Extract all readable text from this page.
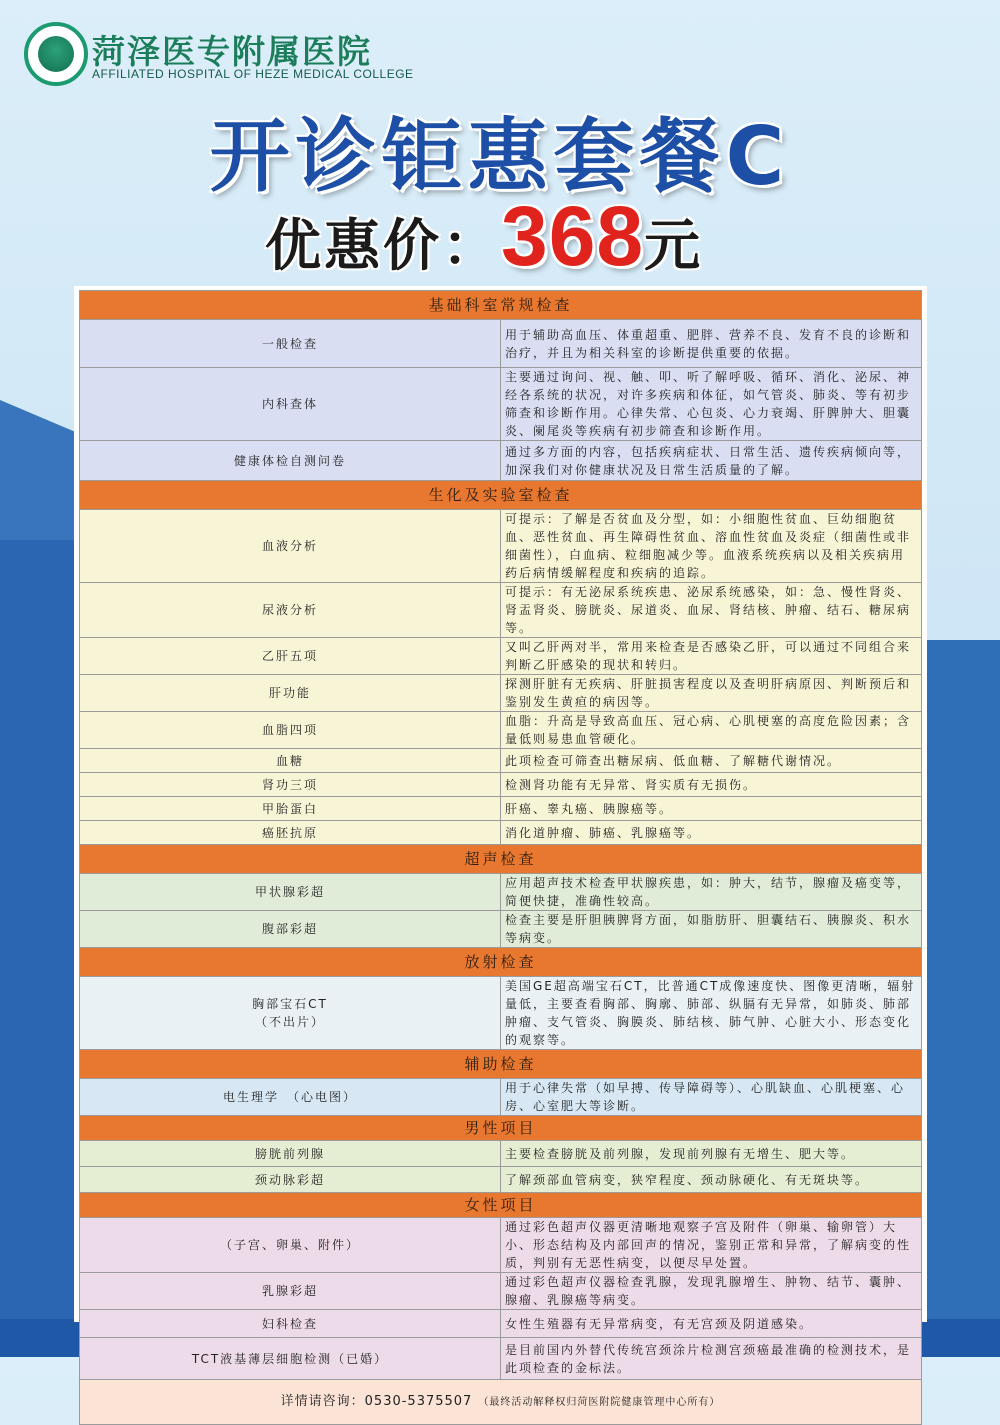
菏泽医专附属医院
AFFILIATED HOSPITAL OF HEZE MEDICAL COLLEGE
开诊钜惠套餐C
优惠价：368元
基础科室常规检查	
一般检查	用于辅助高血压、体重超重、肥胖、营养不良、发育不良的诊断和治疗，并且为相关科室的诊断提供重要的依据。
内科查体	主要通过询问、视、触、叩、听了解呼吸、循环、消化、泌尿、神经各系统的状况，对许多疾病和体征，如气管炎、肺炎、等有初步筛查和诊断作用。心律失常、心包炎、心力衰竭、肝脾肿大、胆囊炎、阑尾炎等疾病有初步筛查和诊断作用。
健康体检自测问卷	通过多方面的内容，包括疾病症状、日常生活、遗传疾病倾向等，加深我们对你健康状况及日常生活质量的了解。
生化及实验室检查	
血液分析	可提示：了解是否贫血及分型，如：小细胞性贫血、巨幼细胞贫血、恶性贫血、再生障碍性贫血、溶血性贫血及炎症（细菌性或非细菌性），白血病、粒细胞减少等。血液系统疾病以及相关疾病用药后病情缓解程度和疾病的追踪。
尿液分析	可提示：有无泌尿系统疾患、泌尿系统感染，如：急、慢性肾炎、肾盂肾炎、膀胱炎、尿道炎、血尿、肾结核、肿瘤、结石、糖尿病等。
乙肝五项	又叫乙肝两对半，常用来检查是否感染乙肝，可以通过不同组合来判断乙肝感染的现状和转归。
肝功能	探测肝脏有无疾病、肝脏损害程度以及查明肝病原因、判断预后和鉴别发生黄疸的病因等。
血脂四项	血脂：升高是导致高血压、冠心病、心肌梗塞的高度危险因素；含量低则易患血管硬化。
血糖	此项检查可筛查出糖尿病、低血糖、了解糖代谢情况。
肾功三项	检测肾功能有无异常、肾实质有无损伤。
甲胎蛋白	肝癌、睾丸癌、胰腺癌等。
癌胚抗原	消化道肿瘤、肺癌、乳腺癌等。
超声检查	
甲状腺彩超	应用超声技术检查甲状腺疾患，如：肿大，结节，腺瘤及癌变等，简便快捷，准确性较高。
腹部彩超	检查主要是肝胆胰脾肾方面，如脂肪肝、胆囊结石、胰腺炎、积水等病变。
放射检查	
胸部宝石CT
（不出片）	美国GE超高端宝石CT，比普通CT成像速度快、图像更清晰，辐射量低，主要查看胸部、胸廓、肺部、纵膈有无异常，如肺炎、肺部肿瘤、支气管炎、胸膜炎、肺结核、肺气肿、心脏大小、形态变化的观察等。
辅助检查	
电生理学　（心电图）	用于心律失常（如早搏、传导障碍等）、心肌缺血、心肌梗塞、心房、心室肥大等诊断。
男性项目	
膀胱前列腺	主要检查膀胱及前列腺，发现前列腺有无增生、肥大等。
颈动脉彩超	了解颈部血管病变，狭窄程度、颈动脉硬化、有无斑块等。
女性项目	
（子宫、卵巢、附件）	通过彩色超声仪器更清晰地观察子宫及附件（卵巢、输卵管）大小、形态结构及内部回声的情况，鉴别正常和异常，了解病变的性质，判别有无恶性病变，以便尽早处置。
乳腺彩超	通过彩色超声仪器检查乳腺，发现乳腺增生、肿物、结节、囊肿、腺瘤、乳腺癌等病变。
妇科检查	女性生殖器有无异常病变，有无宫颈及阴道感染。
TCT液基薄层细胞检测（已婚）	是目前国内外替代传统宫颈涂片检测宫颈癌最准确的检测技术，是此项检查的金标法。
详情请咨询：0530-5375507 （最终活动解释权归菏医附院健康管理中心所有）	
